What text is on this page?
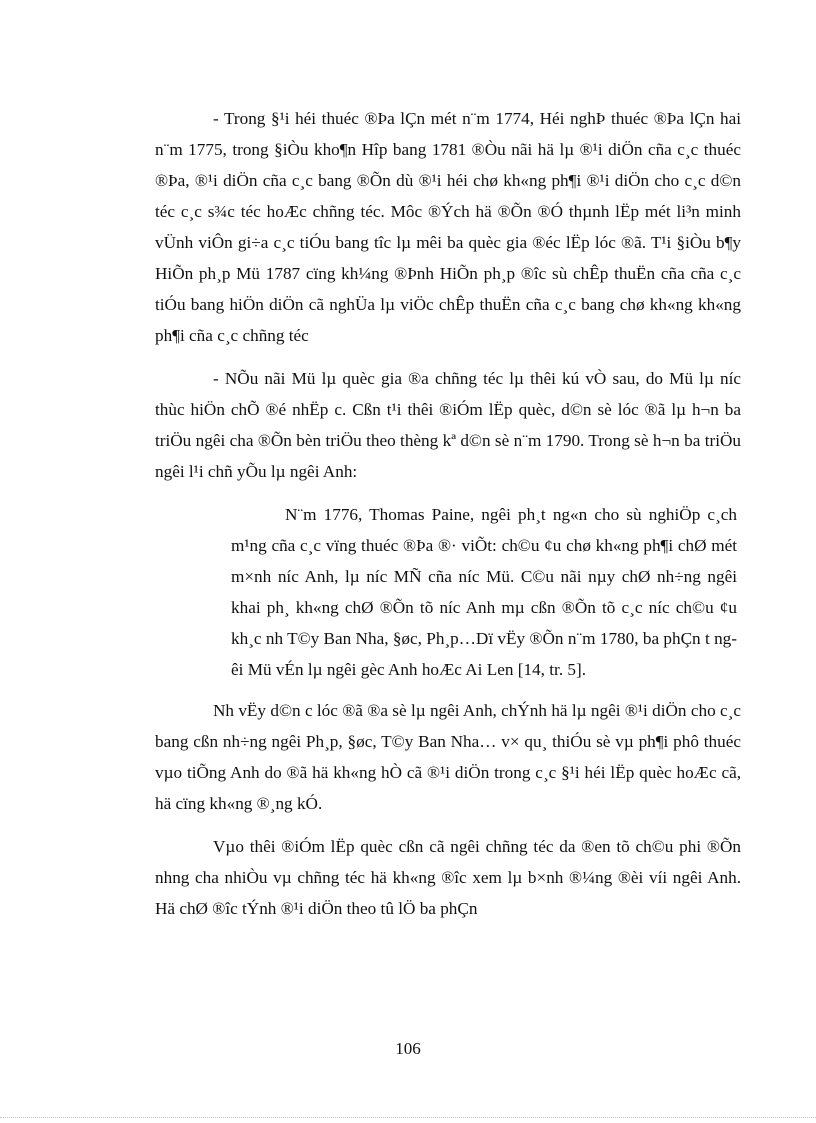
- Trong §¹i héi thuéc ®Þa lÇn mét n¨m 1774, Héi nghÞ thuéc ®Þa lÇn hai n¨m 1775, trong §iÒu kho¶n Hîp bang 1781 ®Òu nãi hä lµ ®¹i diÖn cña c¸c thuéc ®Þa, ®¹i diÖn cña c¸c bang ®Õn dù ®¹i héi chø kh«ng ph¶i ®¹i diÖn cho c¸c d©n téc c¸c s¾c téc hoÆc chñng téc. Môc ®Ých hä ®Õn ®Ó thµnh lËp mét li³n minh vÜnh viÔn gi÷a c¸c tiÓu bang tîc lµ mêi ba quèc gia ®éc lËp lóc ®ã. T¹i §iÒu b¶y HiÕn ph¸p Mü 1787 cïng kh¼ng ®Þnh HiÕn ph¸p ®îc sù chÊp thuËn cña cña c¸c tiÓu bang hiÖn diÖn cã nghÜa lµ viÖc chÊp thuËn cña c¸c bang chø kh«ng kh«ng ph¶i cña c¸c chñng téc

- NÕu nãi Mü lµ quèc gia ®a chñng téc lµ thêi kú vÒ sau, do Mü lµ níc thùc hiÖn chÕ ®é nhËp c. Cßn t¹i thêi ®iÓm lËp quèc, d©n sè lóc ®ã lµ h¬n ba triÖu ngêi cha ®Õn bèn triÖu theo thèng kª d©n sè n¨m 1790. Trong sè h¬n ba triÖu ngêi l¹i chñ yÕu lµ ngêi Anh:

N¨m 1776, Thomas Paine, ngêi ph¸t ng«n cho sù nghiÖp c¸ch m¹ng cña c¸c vïng thuéc ®Þa ®· viÕt: ch©u ¢u chø kh«ng ph¶i chØ mét m×nh níc Anh, lµ níc MÑ cña níc Mü. C©u nãi nµy chØ nh÷ng ngêi khai ph¸ kh«ng chØ ®Õn tõ níc Anh mµ cßn ®Õn tõ c¸c níc ch©u ¢u kh¸c nh T©y Ban Nha, §øc, Ph¸p…Dï vËy ®Õn n¨m 1780, ba phÇn t ngêi Mü vÉn lµ ngêi gèc Anh hoÆc Ai Len [14, tr. 5].

Nh vËy d©n c lóc ®ã ®a sè lµ ngêi Anh, chÝnh hä lµ ngêi ®¹i diÖn cho c¸c bang cßn nh÷ng ngêi Ph¸p, §øc, T©y Ban Nha… v× qu¸ thiÓu sè vµ ph¶i phô thuéc vµo tiÕng Anh do ®ã hä kh«ng hÒ cã ®¹i diÖn trong c¸c §¹i héi lËp quèc hoÆc cã, hä cïng kh«ng ®¸ng kÓ.

Vµo thêi ®iÓm lËp quèc cßn cã ngêi chñng téc da ®en tõ ch©u phi ®Õn nhng cha nhiÒu vµ chñng téc hä kh«ng ®îc xem lµ b×nh ®¼ng ®èi víi ngêi Anh. Hä chØ ®îc tÝnh ®¹i diÖn theo tû lÖ ba phÇn

106
